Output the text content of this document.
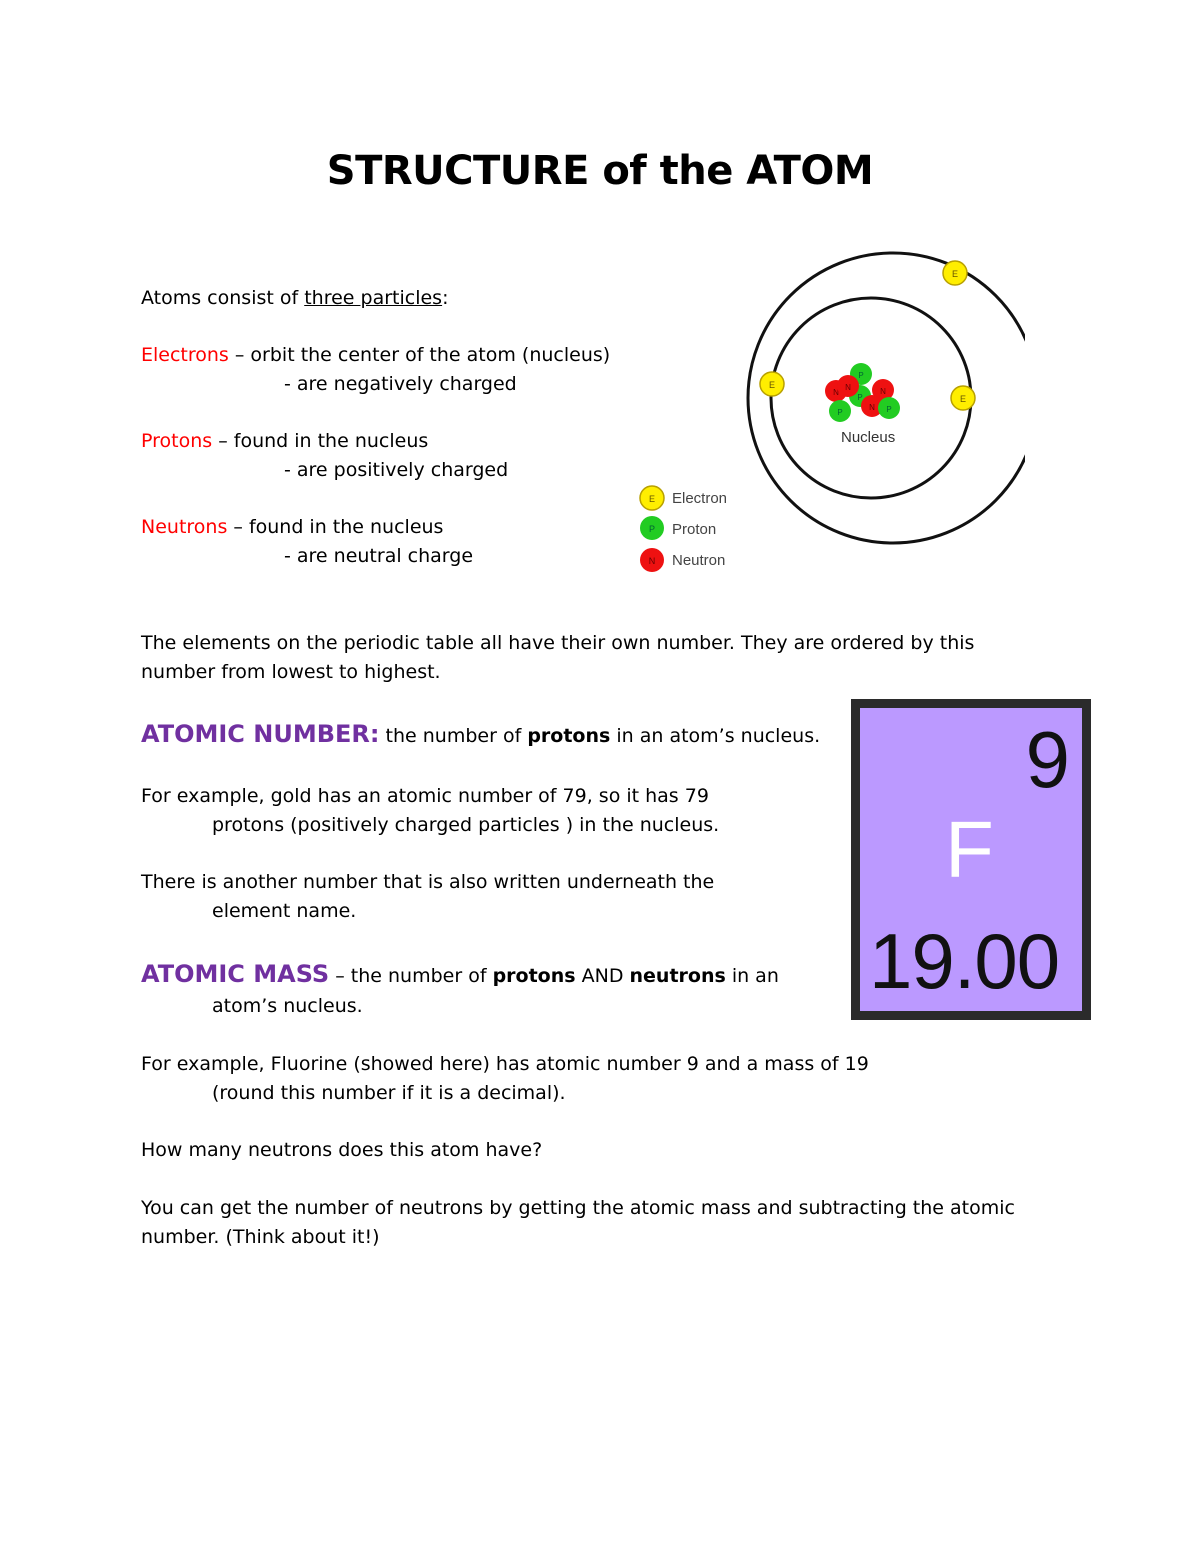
STRUCTURE of the ATOM
Atoms consist of three particles:
Electrons – orbit the center of the atom (nucleus)
- are negatively charged
Protons – found in the nucleus
- are positively charged
Neutrons – found in the nucleus
- are neutral charge
N	N
P
P
N
P
N P
Nucleus
E
E
E
E Electron
P Proton
N Neutron
The elements on the periodic table all have their own number. They are ordered by this
number from lowest to highest.
ATOMIC NUMBER: the number of protons in an atom’s nucleus.
For example, gold has an atomic number of 79, so it has 79
protons (positively charged particles ) in the nucleus.
There is another number that is also written underneath the
element name.
ATOMIC MASS – the number of protons AND neutrons in an
atom’s nucleus.
For example, Fluorine (showed here) has atomic number 9 and a mass of 19
(round this number if it is a decimal).
How many neutrons does this atom have?
You can get the number of neutrons by getting the atomic mass and subtracting the atomic
number. (Think about it!)
9
F
19.00
